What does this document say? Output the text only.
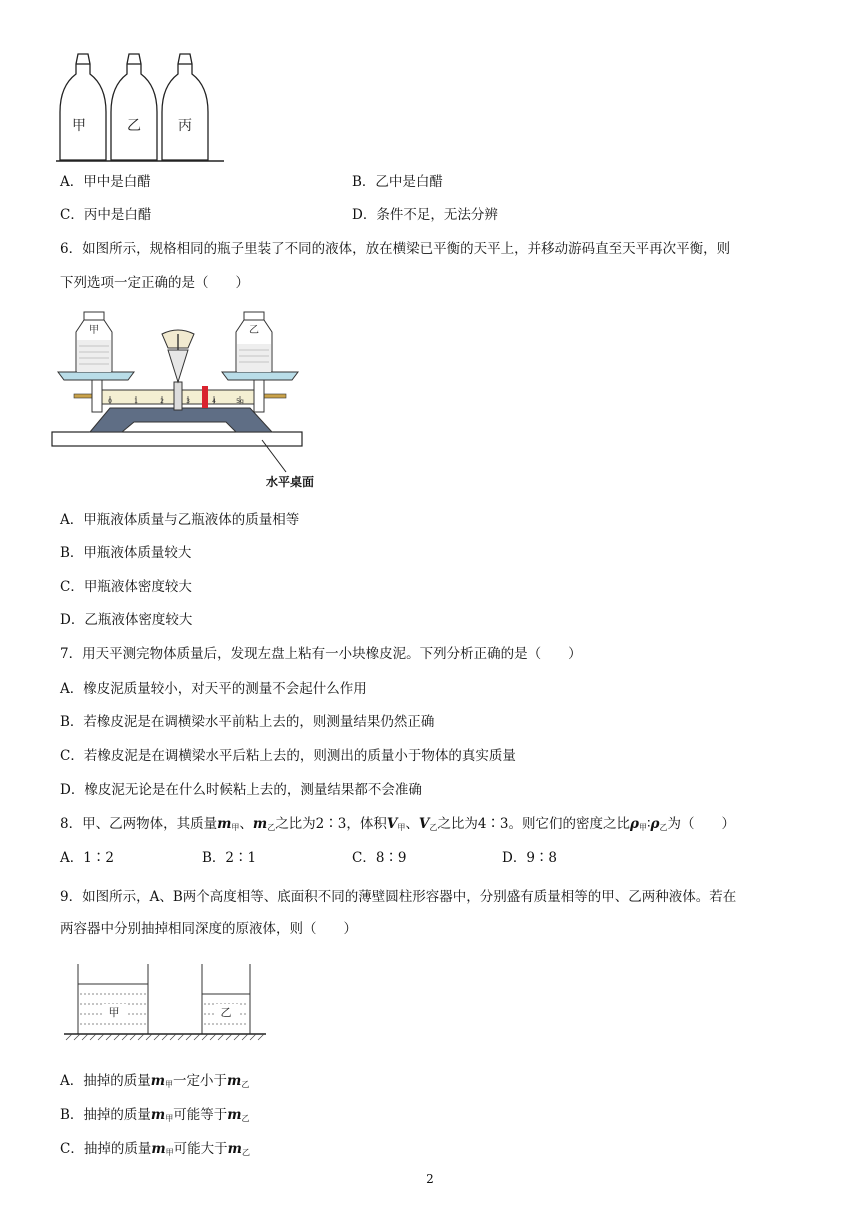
甲	乙	丙
A．甲中是白醋	B．乙中是白醋
C．丙中是白醋	D．条件不足，无法分辨
6．如图所示，规格相同的瓶子里装了不同的液体，放在横梁已平衡的天平上，并移动游码直至天平再次平衡，则
下列选项一定正确的是（　　）
0	1	2	3	4	5g
甲	乙
水平桌面
A．甲瓶液体质量与乙瓶液体的质量相等
B．甲瓶液体质量较大
C．甲瓶液体密度较大
D．乙瓶液体密度较大
7．用天平测完物体质量后，发现左盘上粘有一小块橡皮泥。下列分析正确的是（　　）
A．橡皮泥质量较小，对天平的测量不会起什么作用
B．若橡皮泥是在调横梁水平前粘上去的，则测量结果仍然正确
C．若橡皮泥是在调横梁水平后粘上去的，则测出的质量小于物体的真实质量
D．橡皮泥无论是在什么时候粘上去的，测量结果都不会准确
8．甲、乙两物体，其质量$m_甲$、$m_乙$之比为2∶3，体积$V_甲$、$V_乙$之比为4∶3。则它们的密度之比$\rho_甲∶\rho_乙$为（　　）
A．1∶2	B．2∶1	C．8∶9	D．9∶8
9．如图所示，A、B两个高度相等、底面积不同的薄壁圆柱形容器中，分别盛有质量相等的甲、乙两种液体。若在
两容器中分别抽掉相同深度的原液体，则（　　）
甲	乙
A．抽掉的质量$m_甲$一定小于$m_乙$
B．抽掉的质量$m_甲$可能等于$m_乙$
C．抽掉的质量$m_甲$可能大于$m_乙$
2
